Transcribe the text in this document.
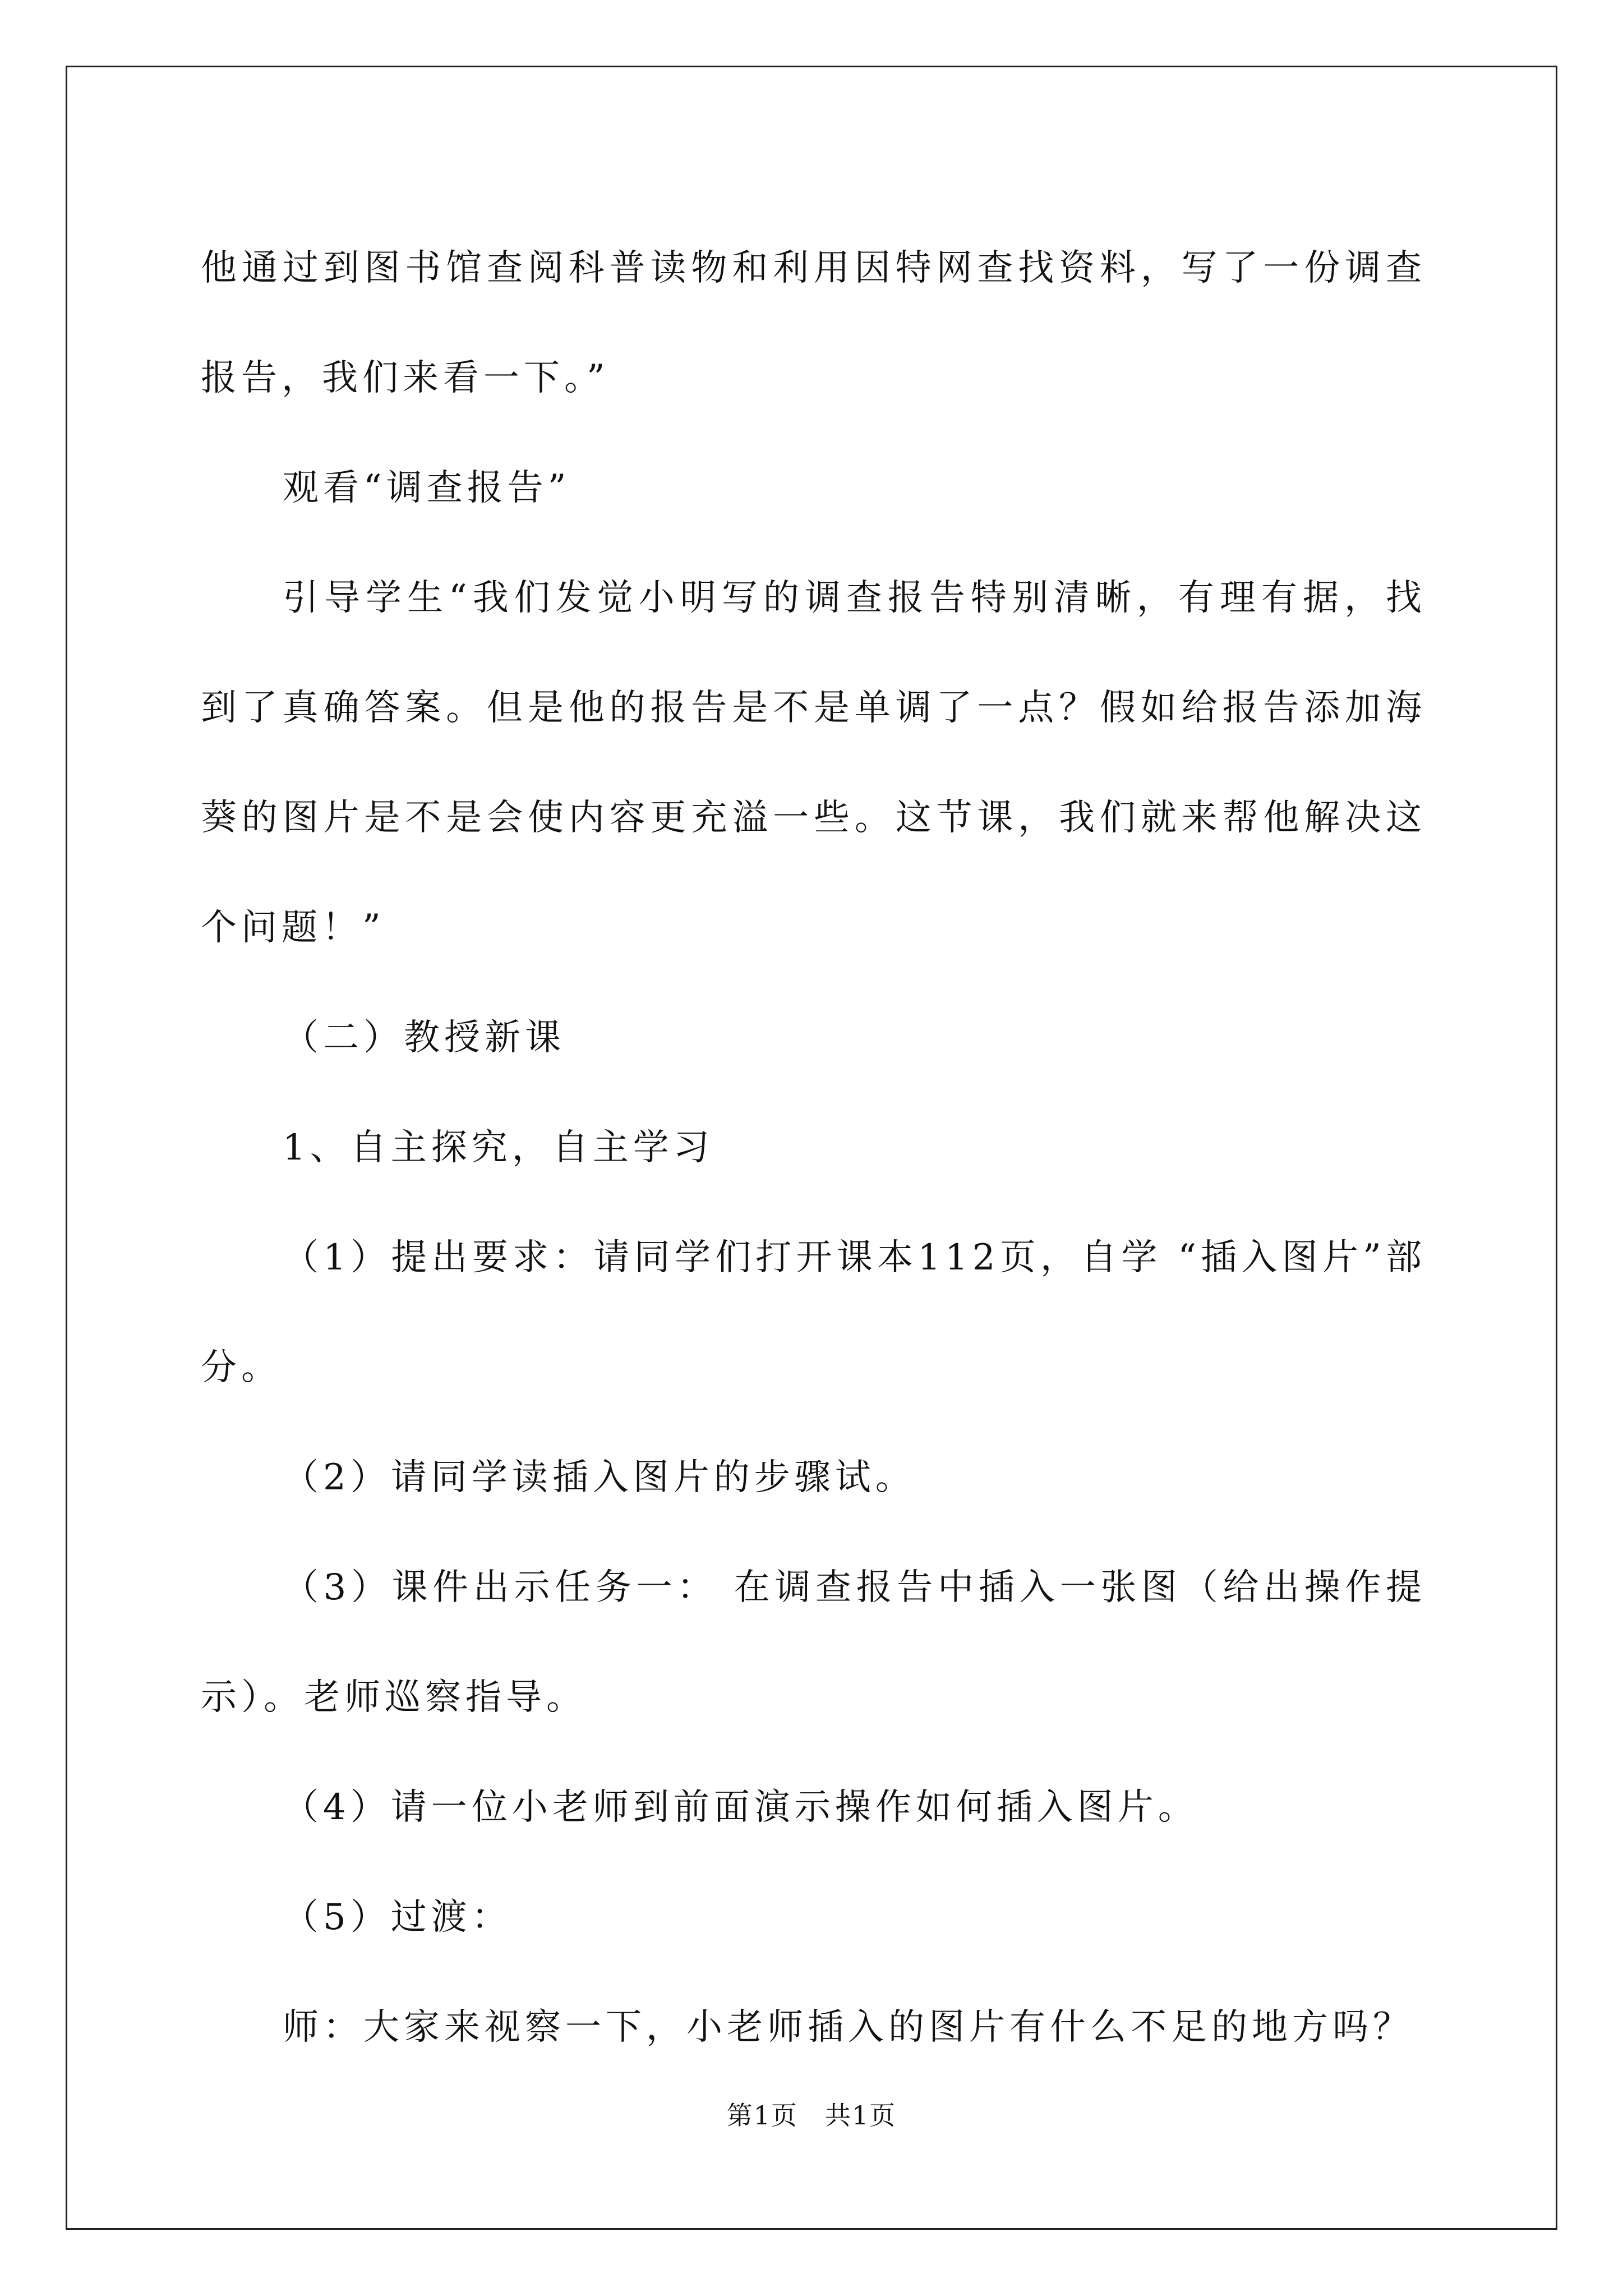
他通过到图书馆查阅科普读物和利用因特网查找资料，写了一份调查报告，我们来看一下。”

观看“调查报告”

引导学生“我们发觉小明写的调查报告特别清晰，有理有据，找到了真确答案。但是他的报告是不是单调了一点？假如给报告添加海葵的图片是不是会使内容更充溢一些。这节课，我们就来帮他解决这个问题！”

（二）教授新课

1、自主探究，自主学习

（1）提出要求：请同学们打开课本112页，自学 “插入图片”部分。

（2）请同学读插入图片的步骤试。

（3）课件出示任务一： 在调查报告中插入一张图（给出操作提示）。老师巡察指导。

（4）请一位小老师到前面演示操作如何插入图片。

（5）过渡：

师：大家来视察一下，小老师插入的图片有什么不足的地方吗？

第1页　共1页
